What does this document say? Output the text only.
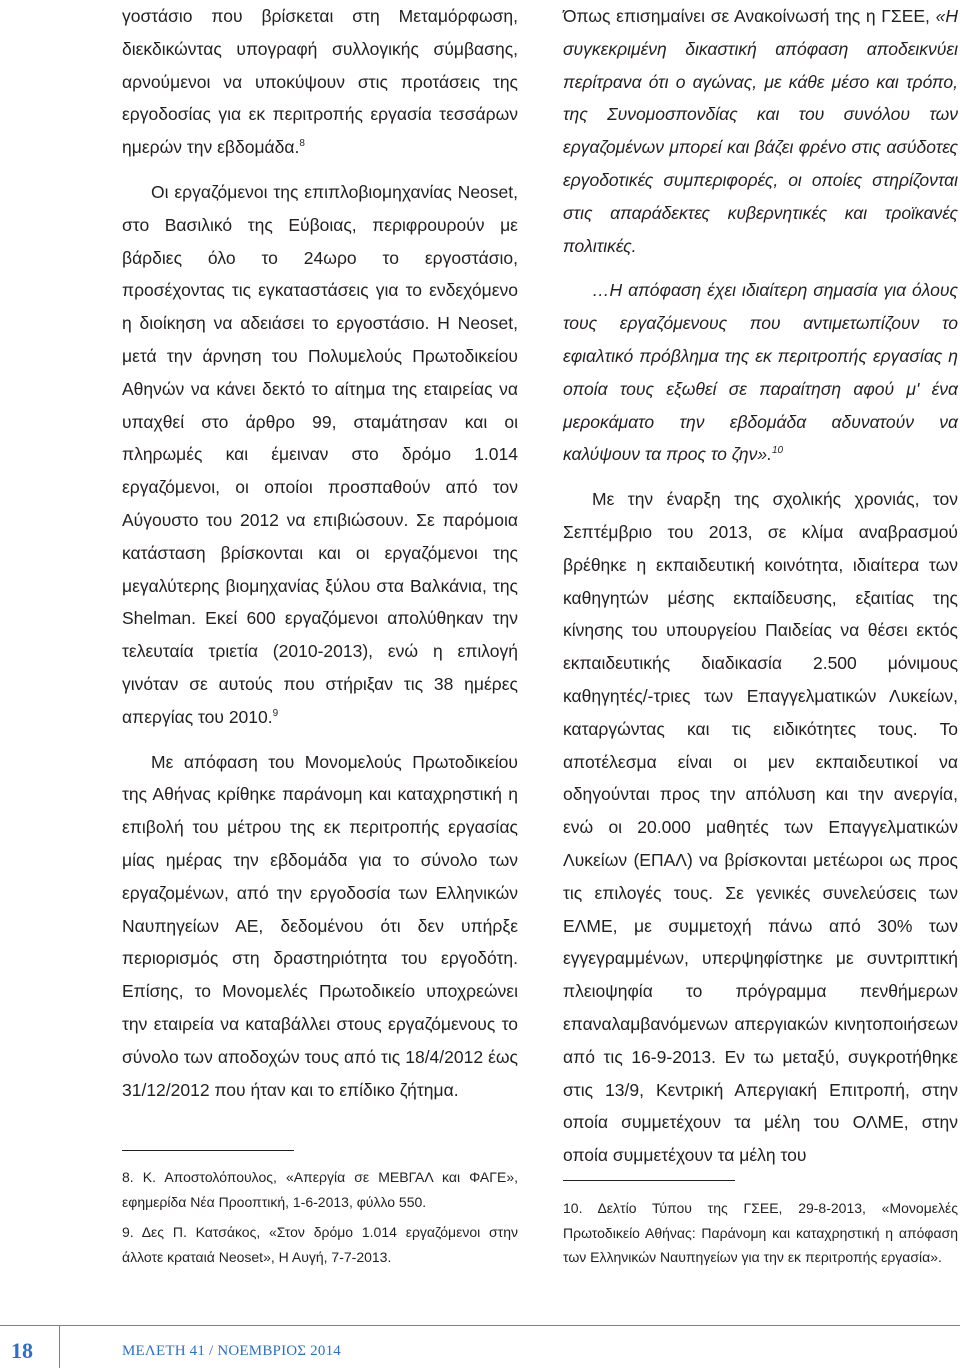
γοστάσιο που βρίσκεται στη Μεταμόρφωση, διεκδικώντας υπογραφή συλλογικής σύμβασης, αρνούμενοι να υποκύψουν στις προτάσεις της εργοδοσίας για εκ περιτροπής εργασία τεσσάρων ημερών την εβδομάδα.$^8$

Οι εργαζόμενοι της επιπλοβιομηχανίας Neoset, στο Βασιλικό της Εύβοιας, περιφρουρούν με βάρδιες όλο το 24ωρο το εργοστάσιο, προσέχοντας τις εγκαταστάσεις για το ενδεχόμενο η διοίκηση να αδειάσει το εργοστάσιο. Η Neoset, μετά την άρνηση του Πολυμελούς Πρωτοδικείου Αθηνών να κάνει δεκτό το αίτημα της εταιρείας να υπαχθεί στο άρθρο 99, σταμάτησαν και οι πληρωμές και έμειναν στο δρόμο 1.014 εργαζόμενοι, οι οποίοι προσπαθούν από τον Αύγουστο του 2012 να επιβιώσουν. Σε παρόμοια κατάσταση βρίσκονται και οι εργαζόμενοι της μεγαλύτερης βιομηχανίας ξύλου στα Βαλκάνια, της Shelman. Εκεί 600 εργαζόμενοι απολύθηκαν την τελευταία τριετία (2010-2013), ενώ η επιλογή γινόταν σε αυτούς που στήριξαν τις 38 ημέρες απεργίας του 2010.$^9$

Με απόφαση του Μονομελούς Πρωτοδικείου της Αθήνας κρίθηκε παράνομη και καταχρηστική η επιβολή του μέτρου της εκ περιτροπής εργασίας μίας ημέρας την εβδομάδα για το σύνολο των εργαζομένων, από την εργοδοσία των Ελληνικών Ναυπηγείων ΑΕ, δεδομένου ότι δεν υπήρξε περιορισμός στη δραστηριότητα του εργοδότη. Επίσης, το Μονομελές Πρωτοδικείο υποχρεώνει την εταιρεία να καταβάλλει στους εργαζόμενους το σύνολο των αποδοχών τους από τις 18/4/2012 έως 31/12/2012 που ήταν και το επίδικο ζήτημα.

Όπως επισημαίνει σε Ανακοίνωσή της η ΓΣΕΕ, «Η συγκεκριμένη δικαστική απόφαση αποδεικνύει περίτρανα ότι ο αγώνας, με κάθε μέσο και τρόπο, της Συνομοσπονδίας και του συνόλου των εργαζομένων μπορεί και βάζει φρένο στις ασύδοτες εργοδοτικές συμπεριφορές, οι οποίες στηρίζονται στις απαράδεκτες κυβερνητικές και τροϊκανές πολιτικές.

…Η απόφαση έχει ιδιαίτερη σημασία για όλους τους εργαζόμενους που αντιμετωπίζουν το εφιαλτικό πρόβλημα της εκ περιτροπής εργασίας η οποία τους εξωθεί σε παραίτηση αφού μ' ένα μεροκάματο την εβδομάδα αδυνατούν να καλύψουν τα προς το ζην».$^{10}$

Με την έναρξη της σχολικής χρονιάς, τον Σεπτέμβριο του 2013, σε κλίμα αναβρασμού βρέθηκε η εκπαιδευτική κοινότητα, ιδιαίτερα των καθηγητών μέσης εκπαίδευσης, εξαιτίας της κίνησης του υπουργείου Παιδείας να θέσει εκτός εκπαιδευτικής διαδικασία 2.500 μόνιμους καθηγητές/-τριες των Επαγγελματικών Λυκείων, καταργώντας και τις ειδικότητες τους. Το αποτέλεσμα είναι οι μεν εκπαιδευτικοί να οδηγούνται προς την απόλυση και την ανεργία, ενώ οι 20.000 μαθητές των Επαγγελματικών Λυκείων (ΕΠΑΛ) να βρίσκονται μετέωροι ως προς τις επιλογές τους. Σε γενικές συνελεύσεις των ΕΛΜΕ, με συμμετοχή πάνω από 30% των εγγεγραμμένων, υπερψηφίστηκε με συντριπτική πλειοψηφία το πρόγραμμα πενθήμερων επαναλαμβανόμενων απεργιακών κινητοποιήσεων από τις 16-9-2013. Εν τω μεταξύ, συγκροτήθηκε στις 13/9, Κεντρική Απεργιακή Επιτροπή, στην οποία συμμετέχουν τα μέλη του ΟΛΜΕ, στην οποία συμμετέχουν τα μέλη του

8. Κ. Αποστολόπουλος, «Απεργία σε ΜΕΒΓΑΛ και ΦΑΓΕ», εφημερίδα Νέα Προοπτική, 1-6-2013, φύλλο 550.

9. Δες Π. Κατσάκος, «Στον δρόμο 1.014 εργαζόμενοι στην άλλοτε κραταιά Neoset», Η Αυγή, 7-7-2013.

10. Δελτίο Τύπου της ΓΣΕΕ, 29-8-2013, «Μονομελές Πρωτοδικείο Αθήνας: Παράνομη και καταχρηστική η απόφαση των Ελληνικών Ναυπηγείων για την εκ περιτροπής εργασία».

18	ΜΕΛΕΤΗ 41 / ΝΟΕΜΒΡΙΟΣ 2014
